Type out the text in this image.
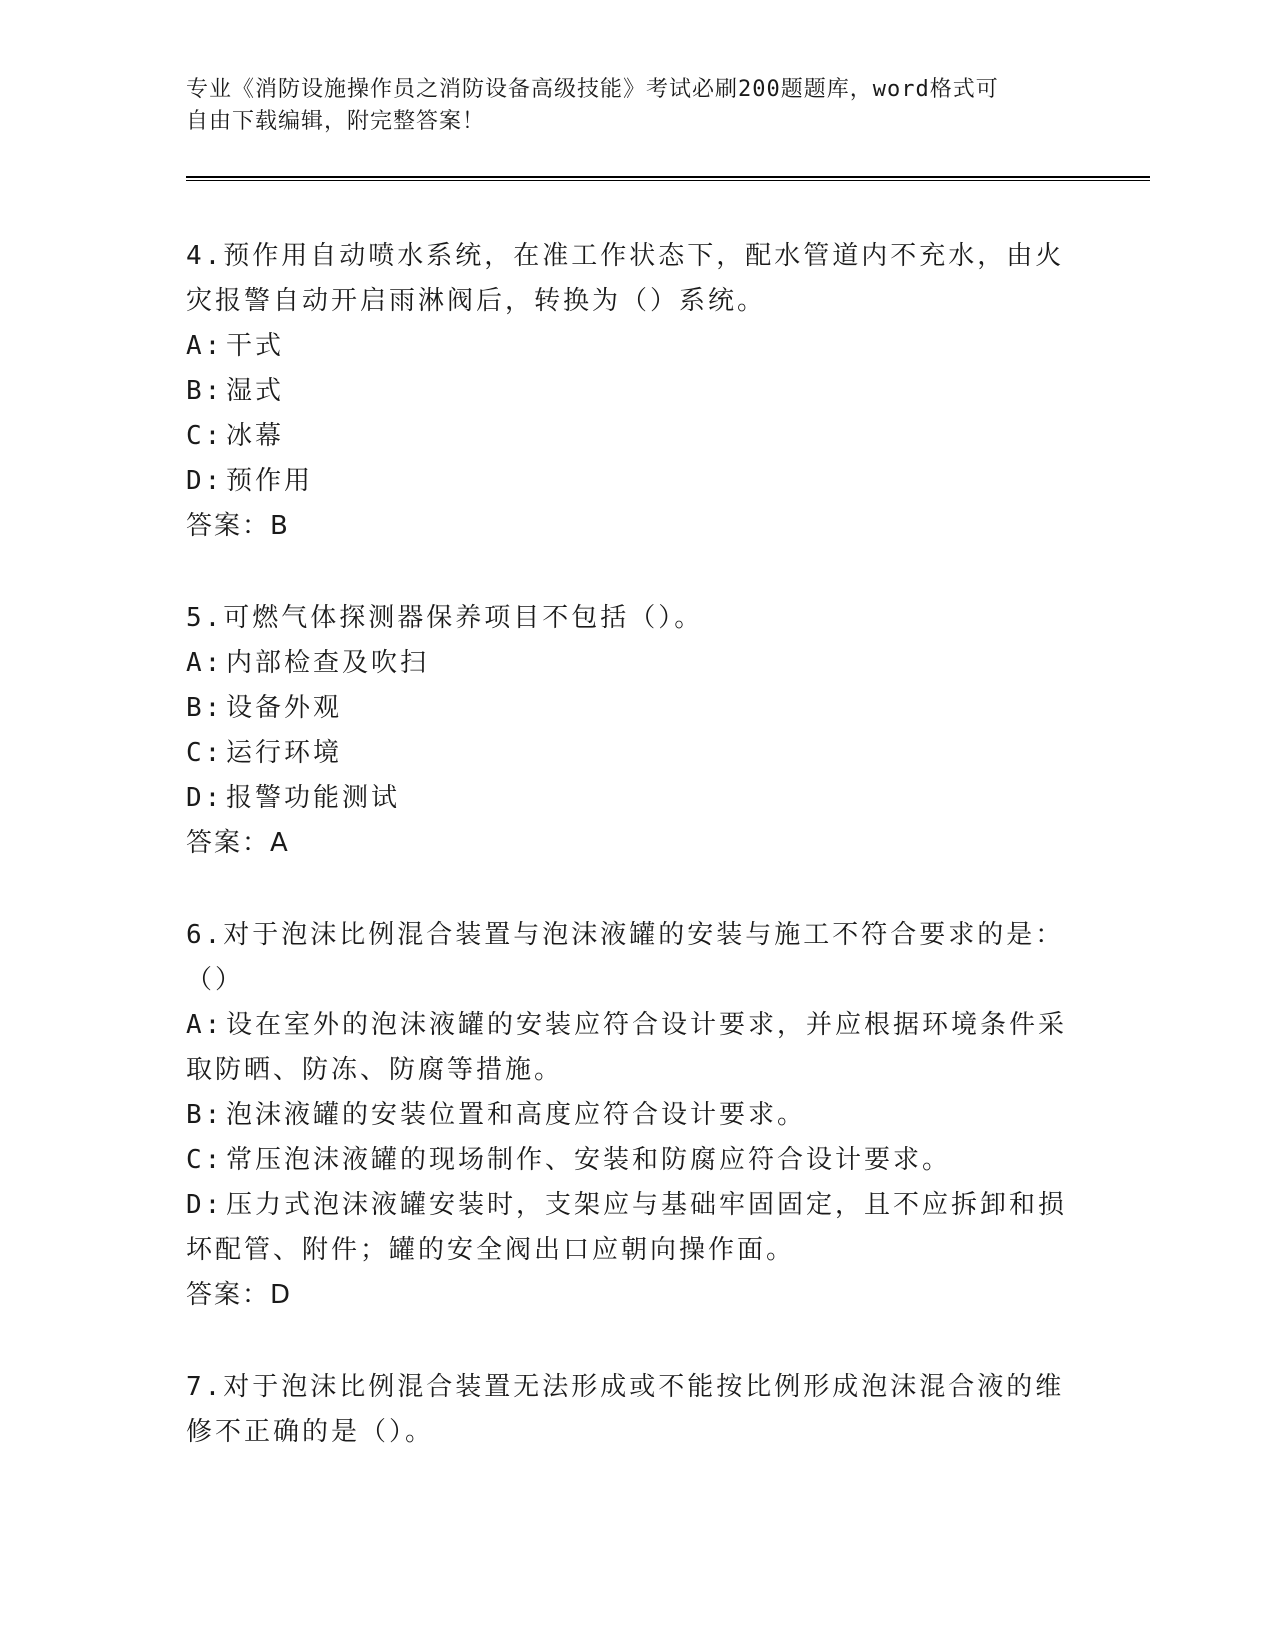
专业《消防设施操作员之消防设备高级技能》考试必刷200题题库，word格式可
自由下载编辑，附完整答案！
4.预作用自动喷水系统，在准工作状态下，配水管道内不充水，由火
灾报警自动开启雨淋阀后，转换为（）系统。
A: 干式
B: 湿式
C: 冰幕
D: 预作用
答案：B
5.可燃气体探测器保养项目不包括（）。
A: 内部检查及吹扫
B: 设备外观
C: 运行环境
D: 报警功能测试
答案：A
6.对于泡沫比例混合装置与泡沫液罐的安装与施工不符合要求的是：
（）
A: 设在室外的泡沫液罐的安装应符合设计要求，并应根据环境条件采
取防晒、防冻、防腐等措施。
B: 泡沫液罐的安装位置和高度应符合设计要求。
C: 常压泡沫液罐的现场制作、安装和防腐应符合设计要求。
D: 压力式泡沫液罐安装时，支架应与基础牢固固定，且不应拆卸和损
坏配管、附件；罐的安全阀出口应朝向操作面。
答案：D
7.对于泡沫比例混合装置无法形成或不能按比例形成泡沫混合液的维
修不正确的是（）。
